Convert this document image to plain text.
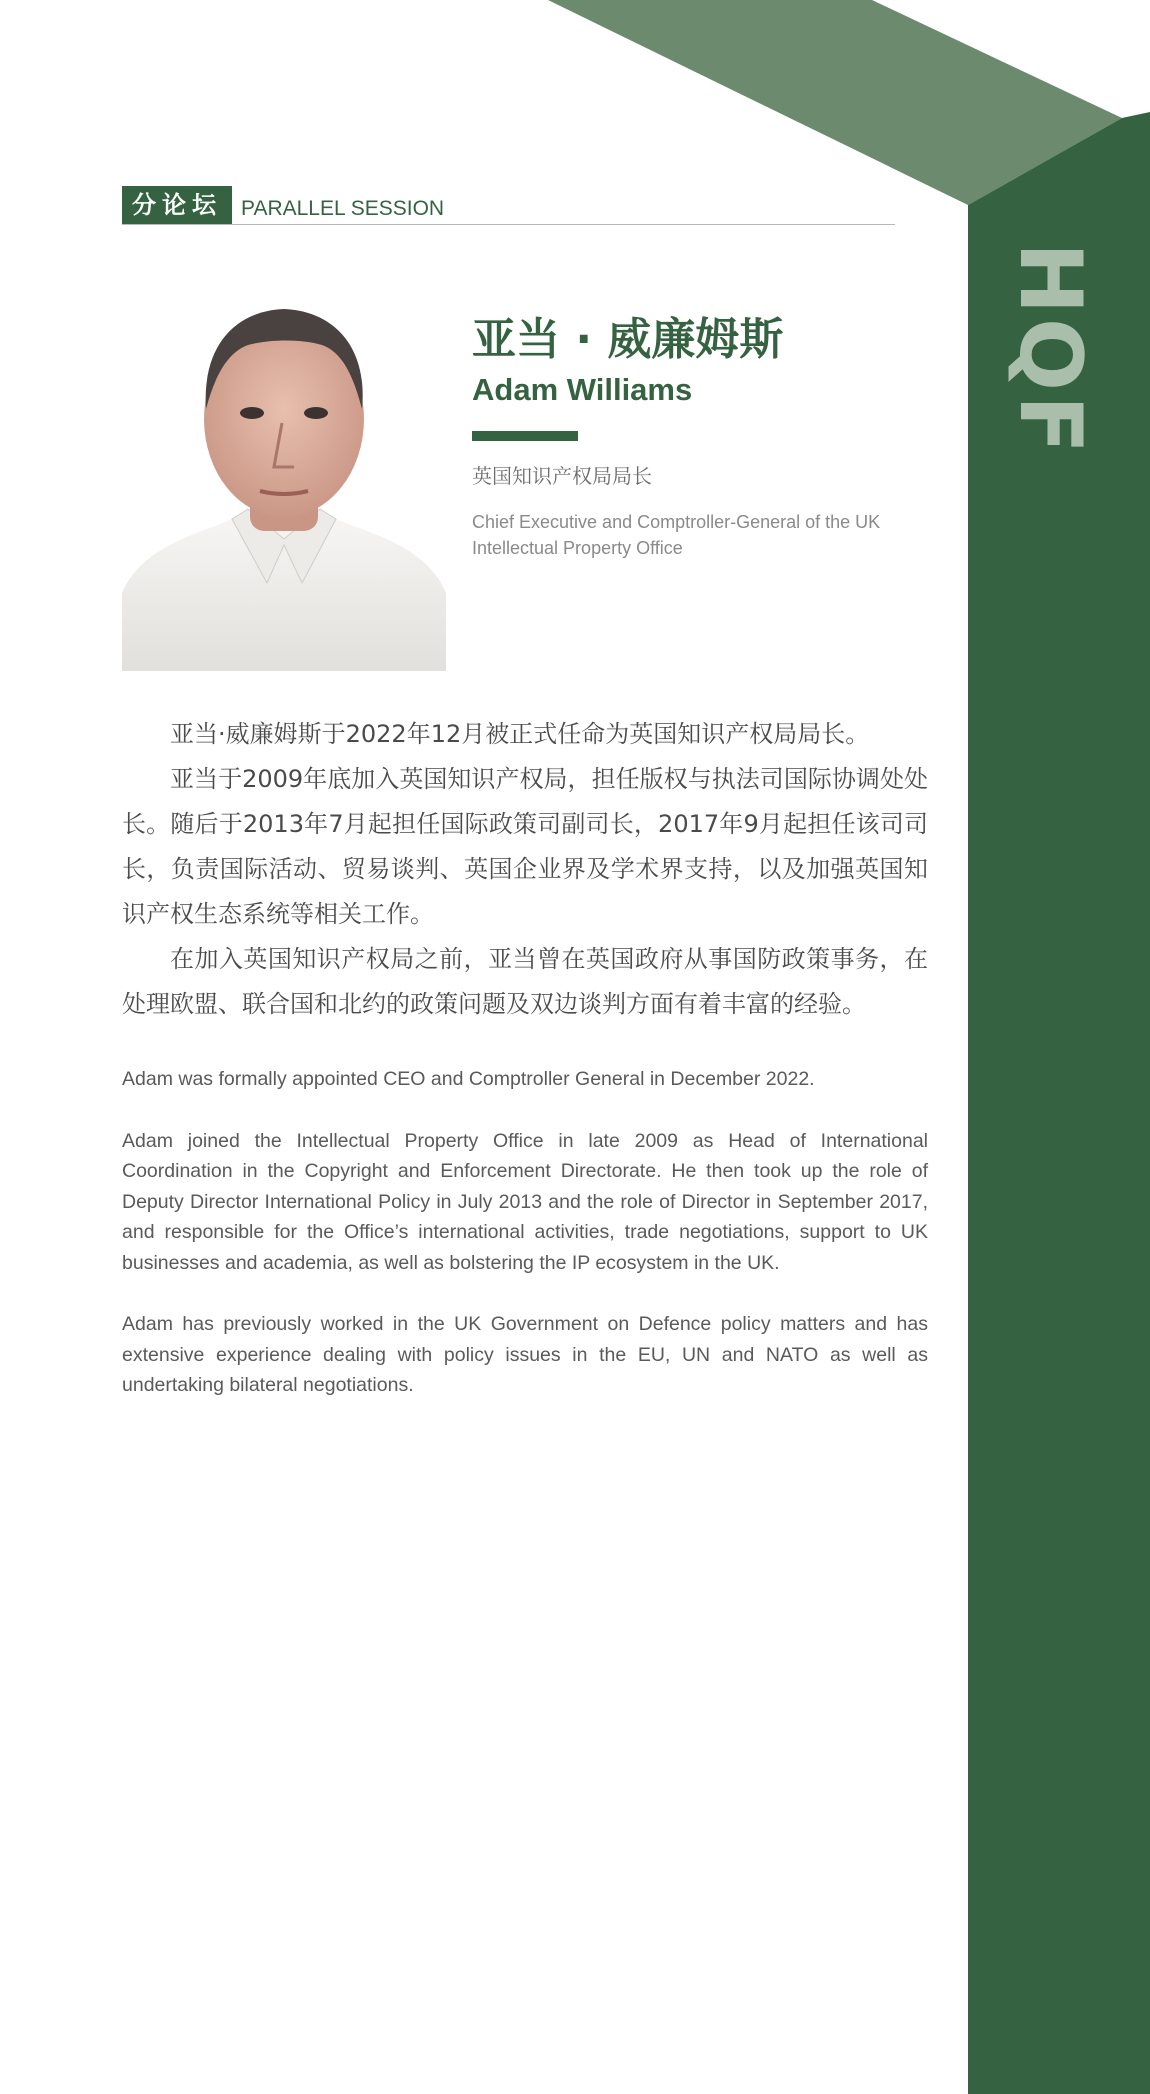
HQF
分论坛 PARALLEL SESSION
亚当 · 威廉姆斯
Adam Williams
英国知识产权局局长
Chief Executive and Comptroller-General of the UK Intellectual Property Office

亚当·威廉姆斯于2022年12月被正式任命为英国知识产权局局长。

亚当于2009年底加入英国知识产权局，担任版权与执法司国际协调处处长。随后于2013年7月起担任国际政策司副司长，2017年9月起担任该司司长，负责国际活动、贸易谈判、英国企业界及学术界支持，以及加强英国知识产权生态系统等相关工作。

在加入英国知识产权局之前，亚当曾在英国政府从事国防政策事务，在处理欧盟、联合国和北约的政策问题及双边谈判方面有着丰富的经验。

Adam was formally appointed CEO and Comptroller General in December 2022.

Adam joined the Intellectual Property Office in late 2009 as Head of International Coordination in the Copyright and Enforcement Directorate. He then took up the role of Deputy Director International Policy in July 2013 and the role of Director in September 2017, and responsible for the Office’s international activities, trade negotiations, support to UK businesses and academia, as well as bolstering the IP ecosystem in the UK.

Adam has previously worked in the UK Government on Defence policy matters and has extensive experience dealing with policy issues in the EU, UN and NATO as well as undertaking bilateral negotiations.
